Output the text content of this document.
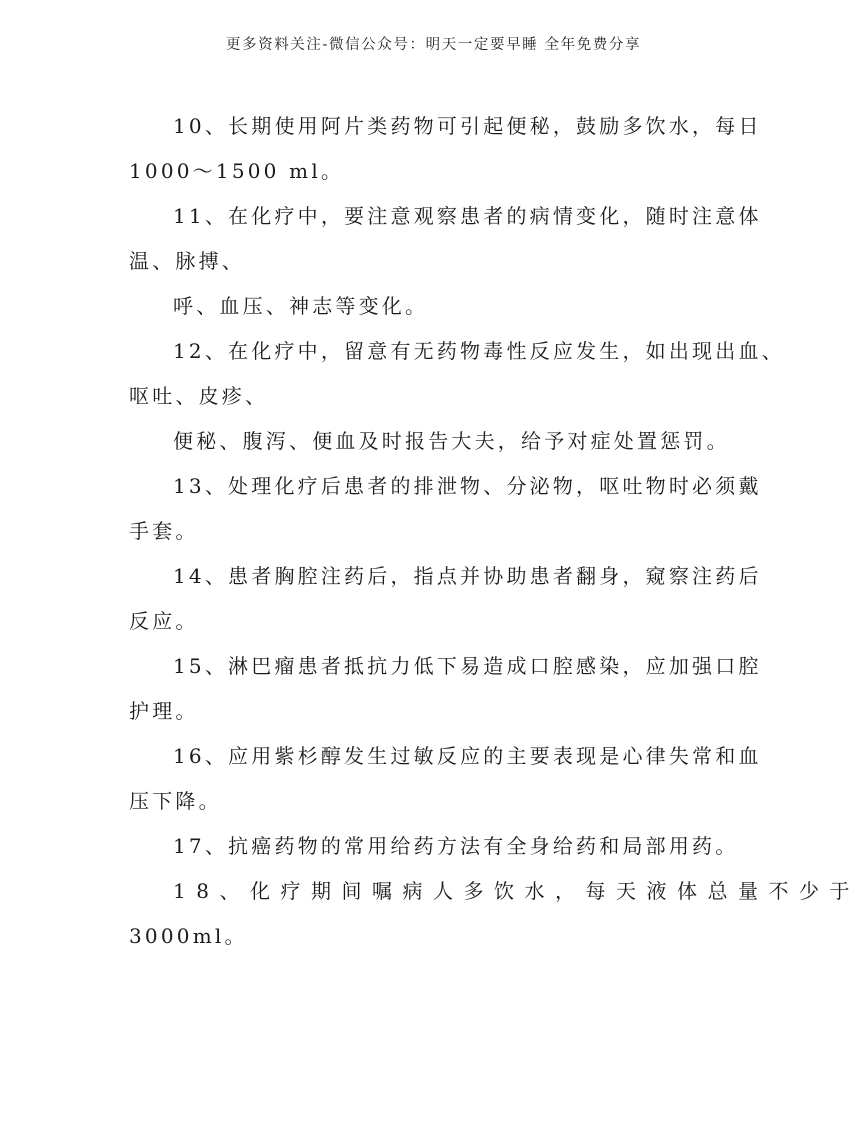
更多资料关注-微信公众号：明天一定要早睡 全年免费分享
10、长期使用阿片类药物可引起便秘，鼓励多饮水，每日
1000～1500 ml。
11、在化疗中，要注意观察患者的病情变化，随时注意体
温、脉搏、
呼、血压、神志等变化。
12、在化疗中，留意有无药物毒性反应发生，如出现出血、
呕吐、皮疹、
便秘、腹泻、便血及时报告大夫，给予对症处置惩罚。
13、处理化疗后患者的排泄物、分泌物，呕吐物时必须戴
手套。
14、患者胸腔注药后，指点并协助患者翻身，窥察注药后
反应。
15、淋巴瘤患者抵抗力低下易造成口腔感染，应加强口腔
护理。
16、应用紫杉醇发生过敏反应的主要表现是心律失常和血
压下降。
17、抗癌药物的常用给药方法有全身给药和局部用药。
18、化疗期间嘱病人多饮水，每天液体总量不少于
3000ml。
